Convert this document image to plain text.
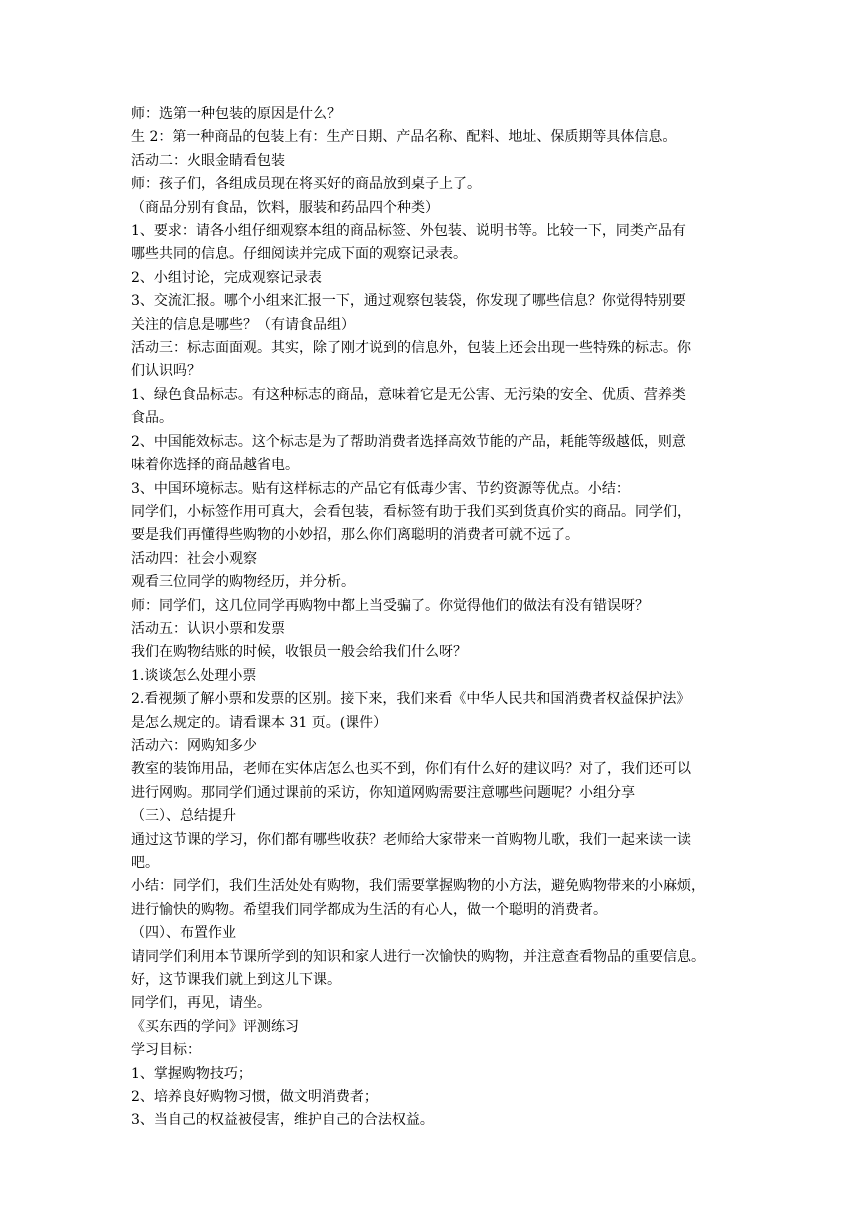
师：选第一种包装的原因是什么？

生 2：第一种商品的包装上有：生产日期、产品名称、配料、地址、保质期等具体信息。

活动二：火眼金睛看包装

师：孩子们，各组成员现在将买好的商品放到桌子上了。

（商品分别有食品，饮料，服装和药品四个种类）

1、要求：请各小组仔细观察本组的商品标签、外包装、说明书等。比较一下，同类产品有

哪些共同的信息。仔细阅读并完成下面的观察记录表。

2、小组讨论，完成观察记录表

3、交流汇报。哪个小组来汇报一下，通过观察包装袋，你发现了哪些信息？你觉得特别要

关注的信息是哪些？（有请食品组）

活动三：标志面面观。其实，除了刚才说到的信息外，包装上还会出现一些特殊的标志。你

们认识吗？

1、绿色食品标志。有这种标志的商品，意味着它是无公害、无污染的安全、优质、营养类

食品。

2、中国能效标志。这个标志是为了帮助消费者选择高效节能的产品，耗能等级越低，则意

味着你选择的商品越省电。

3、中国环境标志。贴有这样标志的产品它有低毒少害、节约资源等优点。小结：

同学们，小标签作用可真大，会看包装，看标签有助于我们买到货真价实的商品。同学们，

要是我们再懂得些购物的小妙招，那么你们离聪明的消费者可就不远了。

活动四：社会小观察

观看三位同学的购物经历，并分析。

师：同学们，这几位同学再购物中都上当受骗了。你觉得他们的做法有没有错误呀？

活动五：认识小票和发票

我们在购物结账的时候，收银员一般会给我们什么呀？

1.谈谈怎么处理小票

2.看视频了解小票和发票的区别。接下来，我们来看《中华人民共和国消费者权益保护法》

是怎么规定的。请看课本 31 页。(课件）

活动六：网购知多少

教室的装饰用品，老师在实体店怎么也买不到，你们有什么好的建议吗？对了，我们还可以

进行网购。那同学们通过课前的采访，你知道网购需要注意哪些问题呢？小组分享

（三）、总结提升

通过这节课的学习，你们都有哪些收获？老师给大家带来一首购物儿歌，我们一起来读一读

吧。

小结：同学们，我们生活处处有购物，我们需要掌握购物的小方法，避免购物带来的小麻烦，

进行愉快的购物。希望我们同学都成为生活的有心人，做一个聪明的消费者。

（四）、布置作业

请同学们利用本节课所学到的知识和家人进行一次愉快的购物，并注意查看物品的重要信息。

好，这节课我们就上到这儿下课。

同学们，再见，请坐。

《买东西的学问》评测练习

学习目标：

1、掌握购物技巧；

2、培养良好购物习惯，做文明消费者；

3、当自己的权益被侵害，维护自己的合法权益。
